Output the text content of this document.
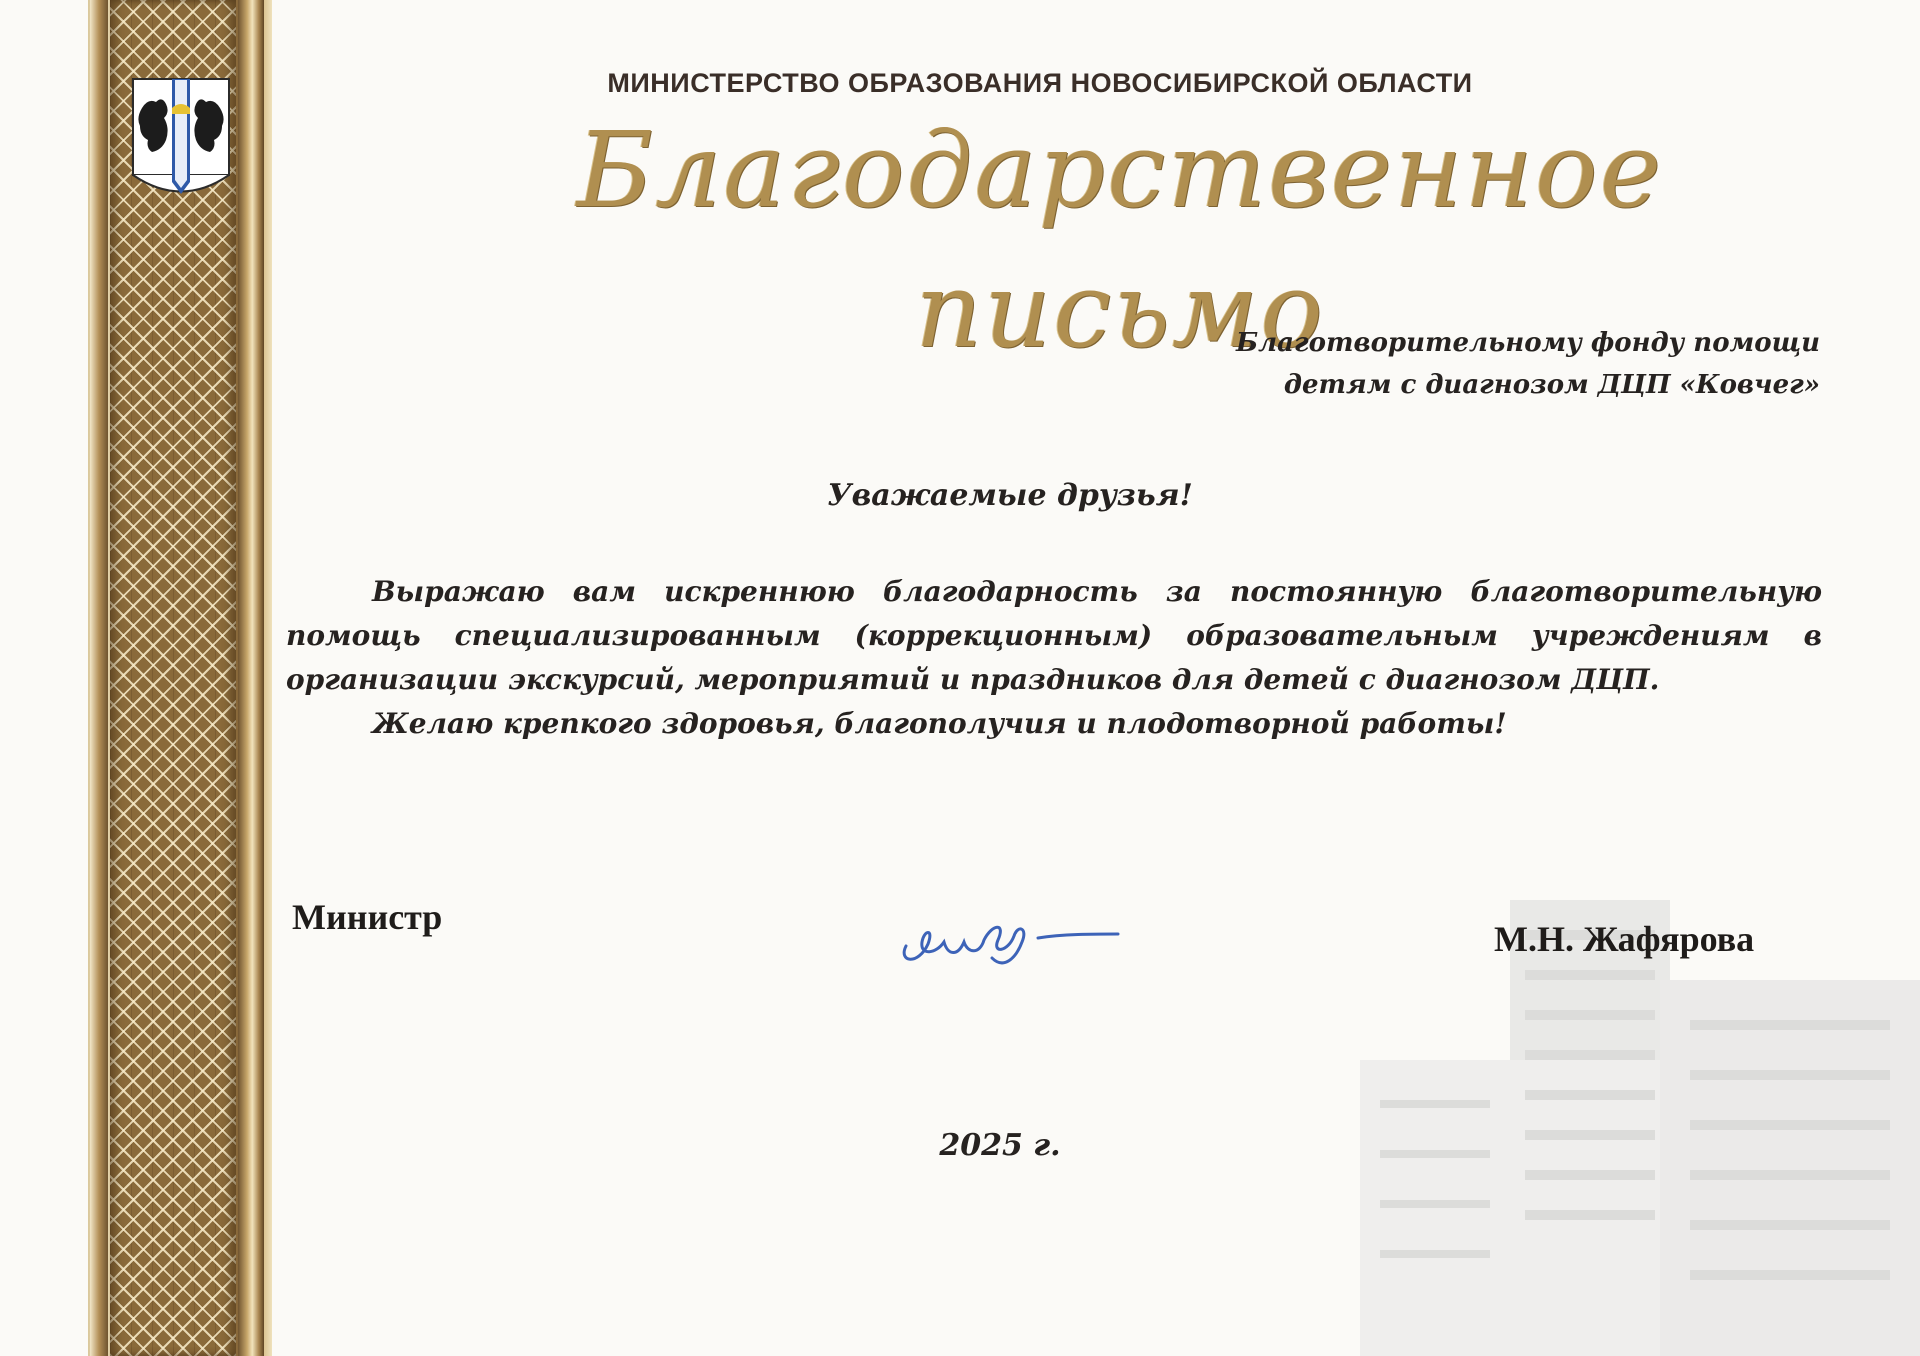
МИНИСТЕРСТВО ОБРАЗОВАНИЯ НОВОСИБИРСКОЙ ОБЛАСТИ
Благодарственное письмо
Благотворительному фонду помощи
детям с диагнозом ДЦП «Ковчег»
Уважаемые друзья!

Выражаю вам искреннюю благодарность за постоянную благотворительную помощь специализированным (коррекционным) образовательным учреждениям в организации экскурсий, мероприятий и праздников для детей с диагнозом ДЦП.

Желаю крепкого здоровья, благополучия и плодотворной работы!

Министр
М.Н. Жафярова
2025 г.
